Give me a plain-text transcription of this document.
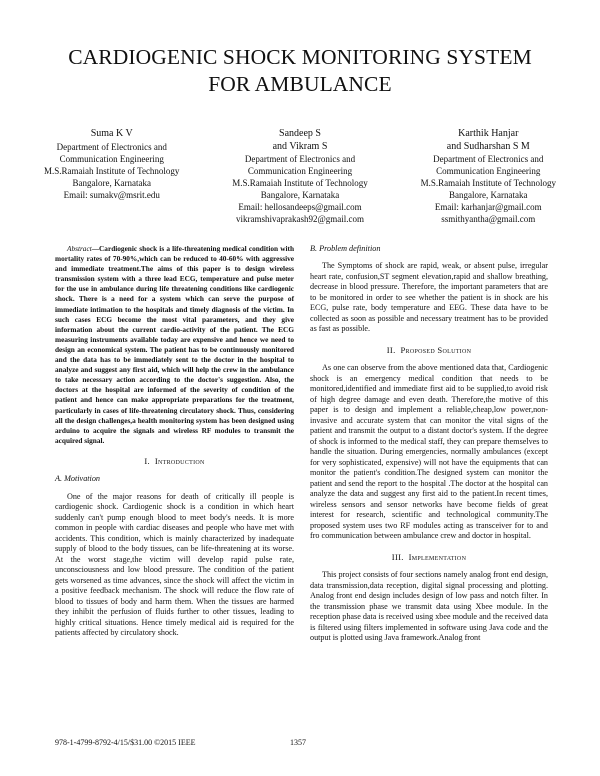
CARDIOGENIC SHOCK MONITORING SYSTEM
FOR AMBULANCE
Suma K V
Department of Electronics and
Communication Engineering
M.S.Ramaiah Institute of Technology
Bangalore, Karnataka
Email: sumakv@msrit.edu
Sandeep S
and Vikram S
Department of Electronics and
Communication Engineering
M.S.Ramaiah Institute of Technology
Bangalore, Karnataka
Email: hellosandeeps@gmail.com
vikramshivaprakash92@gmail.com
Karthik Hanjar
and Sudharshan S M
Department of Electronics and
Communication Engineering
M.S.Ramaiah Institute of Technology
Bangalore, Karnataka
Email: karhanjar@gmail.com
ssmithyantha@gmail.com

Abstract—Cardiogenic shock is a life-threatening medical condition with mortality rates of 70-90%,which can be reduced to 40-60% with aggressive and immediate treatment.The aims of this paper is to design wireless transmission system with a three lead ECG, temperature and pulse meter for the use in ambulance during life threatening conditions like cardiogenic shock. There is a need for a system which can serve the purpose of immediate intimation to the hospitals and timely diagnosis of the victim. In such cases ECG become the most vital parameters, and they give information about the current cardio-activity of the patient. The ECG measuring instruments available today are expensive and hence we need to design an economical system. The patient has to be continuously monitored and the data has to be immediately sent to the doctor in the hospital to analyze and suggest any first aid, which will help the crew in the ambulance to take necessary action according to the doctor's suggestion. Also, the doctors at the hospital are informed of the severity of condition of the patient and hence can make appropriate preparations for the treatment, particularly in cases of life-threatening circulatory shock. Thus, considering all the design challenges,a health monitoring system has been designed using arduino to acquire the signals and wireless RF modules to transmit the acquired signal.

I. Introduction
A. Motivation

One of the major reasons for death of critically ill people is cardiogenic shock. Cardiogenic shock is a condition in which heart suddenly can't pump enough blood to meet body's needs. It is more common in people with cardiac diseases and people who have met with accidents. This condition, which is mainly characterized by inadequate supply of blood to the body tissues, can be life-threatening at its worse. At the worst stage,the victim will develop rapid pulse rate, unconsciousness and low blood pressure. The condition of the patient gets worsened as time advances, since the shock will affect the victim in a positive feedback mechanism. The shock will reduce the flow rate of blood to tissues of body and harm them. When the tissues are harmed they inhibit the perfusion of fluids further to other tissues, leading to highly critical situations. Hence timely medical aid is required for the patients affected by circulatory shock.

B. Problem definition

The Symptoms of shock are rapid, weak, or absent pulse, irregular heart rate, confusion,ST segment elevation,rapid and shallow breathing, decrease in blood pressure. Therefore, the important parameters that are to be monitored in order to see whether the patient is in shock are his ECG, pulse rate, body temperature and EEG. These data have to be collected as soon as possible and necessary treatment has to be provided as fast as possible.

II. Proposed Solution

As one can observe from the above mentioned data that, Cardiogenic shock is an emergency medical condition that needs to be monitored,identified and immediate first aid to be supplied,to avoid risk of high degree damage and even death. Therefore,the motive of this paper is to design and implement a reliable,cheap,low power,non-invasive and accurate system that can monitor the vital signs of the patient and transmit the output to a distant doctor's system. If the degree of shock is informed to the medical staff, they can prepare themselves to handle the situation. During emergencies, normally ambulances (except for very sophisticated, expensive) will not have the equipments that can monitor the patient's condition.The designed system can monitor the patient and send the report to the hospital .The doctor at the hospital can analyze the data and suggest any first aid to the patient.In recent times, wireless sensors and sensor networks have become fields of great interest for research, scientific and technological community.The proposed system uses two RF modules acting as transceiver for to and fro communication between ambulance crew and doctor in hospital.

III. Implementation

This project consists of four sections namely analog front end design, data transmission,data reception, digital signal processing and plotting. Analog front end design includes design of low pass and notch filter. In the transmission phase we transmit data using Xbee module. In the reception phase data is received using xbee module and the received data is filtered using filters implemented in software using Java code and the output is plotted using Java framework.Analog front

978-1-4799-8792-4/15/$31.00 ©2015 IEEE	1357
